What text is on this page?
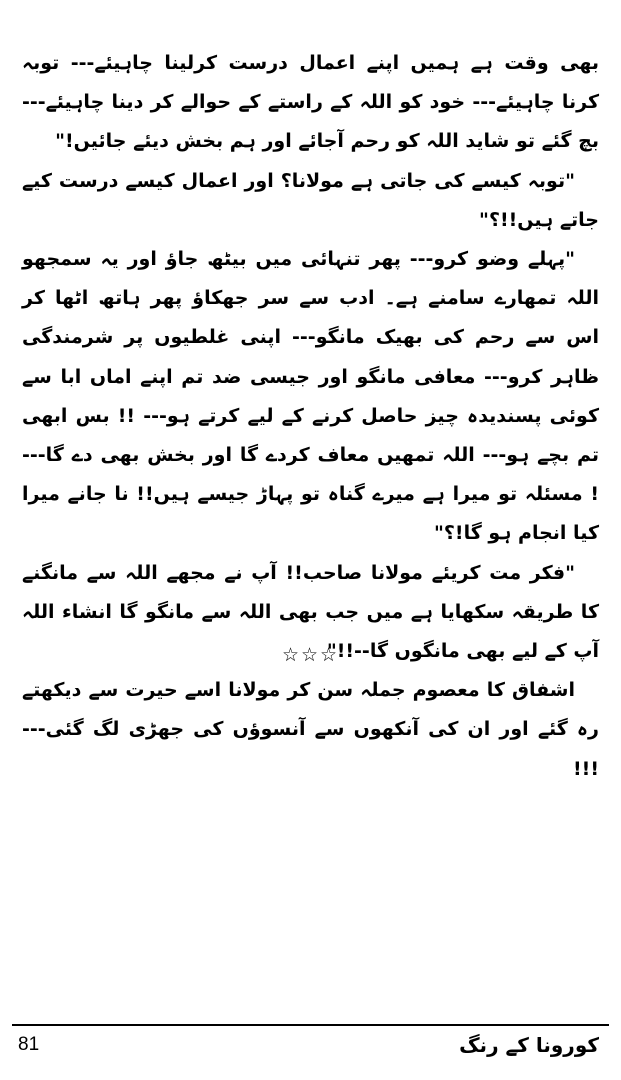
بھی وقت ہے ہمیں اپنے اعمال درست کرلینا چاہیئے--- توبہ کرنا چاہیئے--- خود کو اللہ کے راستے کے حوالے کر دینا چاہیئے--- بچ گئے تو شاید اللہ کو رحم آجائے اور ہم بخش دیئے جائیں!"

"توبہ کیسے کی جاتی ہے مولانا؟ اور اعمال کیسے درست کیے جاتے ہیں!!؟"

"پہلے وضو کرو--- پھر تنہائی میں بیٹھ جاؤ اور یہ سمجھو اللہ تمھارے سامنے ہے۔ ادب سے سر جھکاؤ پھر ہاتھ اٹھا کر اس سے رحم کی بھیک مانگو--- اپنی غلطیوں پر شرمندگی ظاہر کرو--- معافی مانگو اور جیسی ضد تم اپنے اماں ابا سے کوئی پسندیدہ چیز حاصل کرنے کے لیے کرتے ہو--- !! بس ابھی تم بچے ہو--- اللہ تمھیں معاف کردے گا اور بخش بھی دے گا--- ! مسئلہ تو میرا ہے میرے گناہ تو پہاڑ جیسے ہیں!! نا جانے میرا کیا انجام ہو گا!؟"

"فکر مت کریئے مولانا صاحب!! آپ نے مجھے اللہ سے مانگنے کا طریقہ سکھایا ہے میں جب بھی اللہ سے مانگو گا انشاء اللہ آپ کے لیے بھی مانگوں گا--!!"

اشفاق کا معصوم جملہ سن کر مولانا اسے حیرت سے دیکھتے رہ گئے اور ان کی آنکھوں سے آنسوؤں کی جھڑی لگ گئی--- !!!

☆☆☆
کورونا کے رنگ
81
